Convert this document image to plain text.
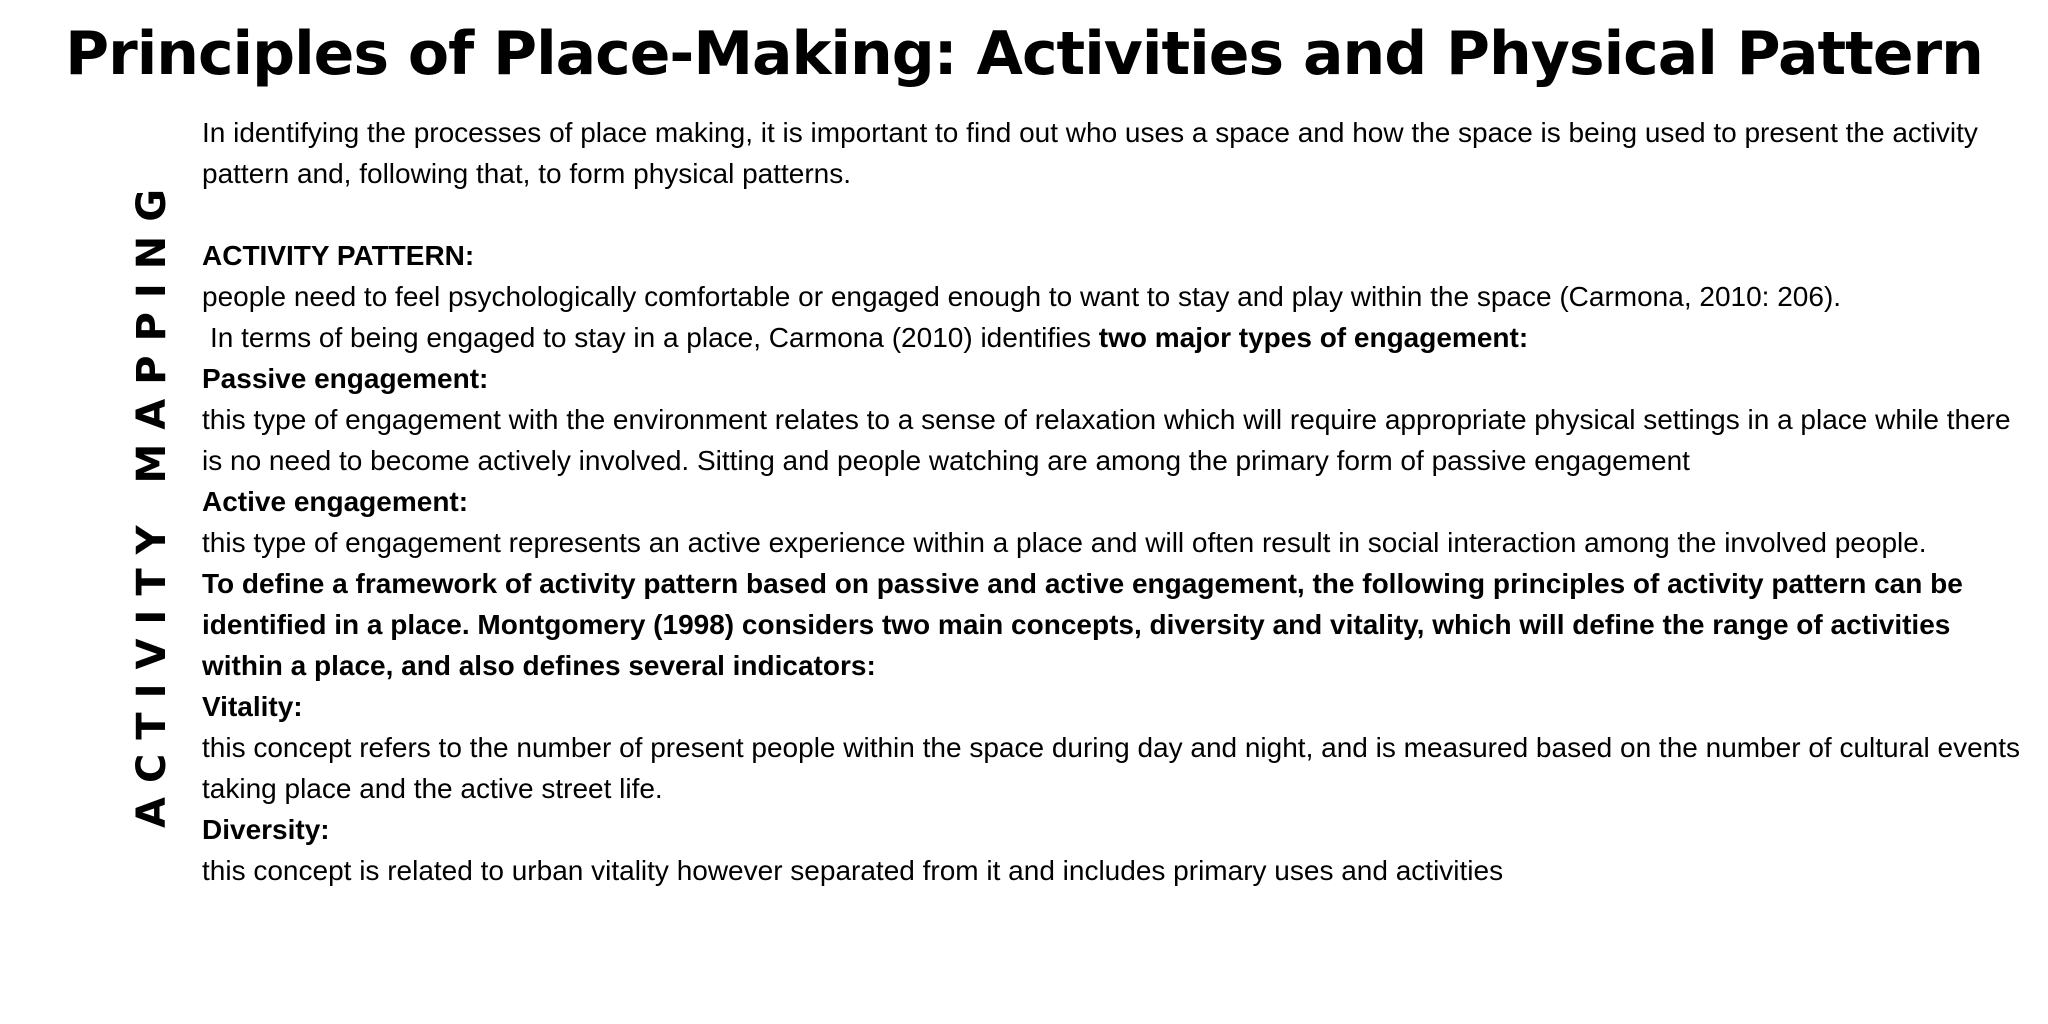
Principles of Place-Making: Activities and Physical Pattern
ACTIVITY MAPPING

In identifying the processes of place making, it is important to find out who uses a space and how the space is being used to present the activity pattern and, following that, to form physical patterns.

ACTIVITY PATTERN:

people need to feel psychologically comfortable or engaged enough to want to stay and play within the space (Carmona, 2010: 206).

In terms of being engaged to stay in a place, Carmona (2010) identifies two major types of engagement:

Passive engagement:

this type of engagement with the environment relates to a sense of relaxation which will require appropriate physical settings in a place while there is no need to become actively involved. Sitting and people watching are among the primary form of passive engagement

Active engagement:

this type of engagement represents an active experience within a place and will often result in social interaction among the involved people.

To define a framework of activity pattern based on passive and active engagement, the following principles of activity pattern can be identified in a place. Montgomery (1998) considers two main concepts, diversity and vitality, which will define the range of activities within a place, and also defines several indicators:

Vitality:

this concept refers to the number of present people within the space during day and night, and is measured based on the number of cultural events taking place and the active street life.

Diversity:

this concept is related to urban vitality however separated from it and includes primary uses and activities
